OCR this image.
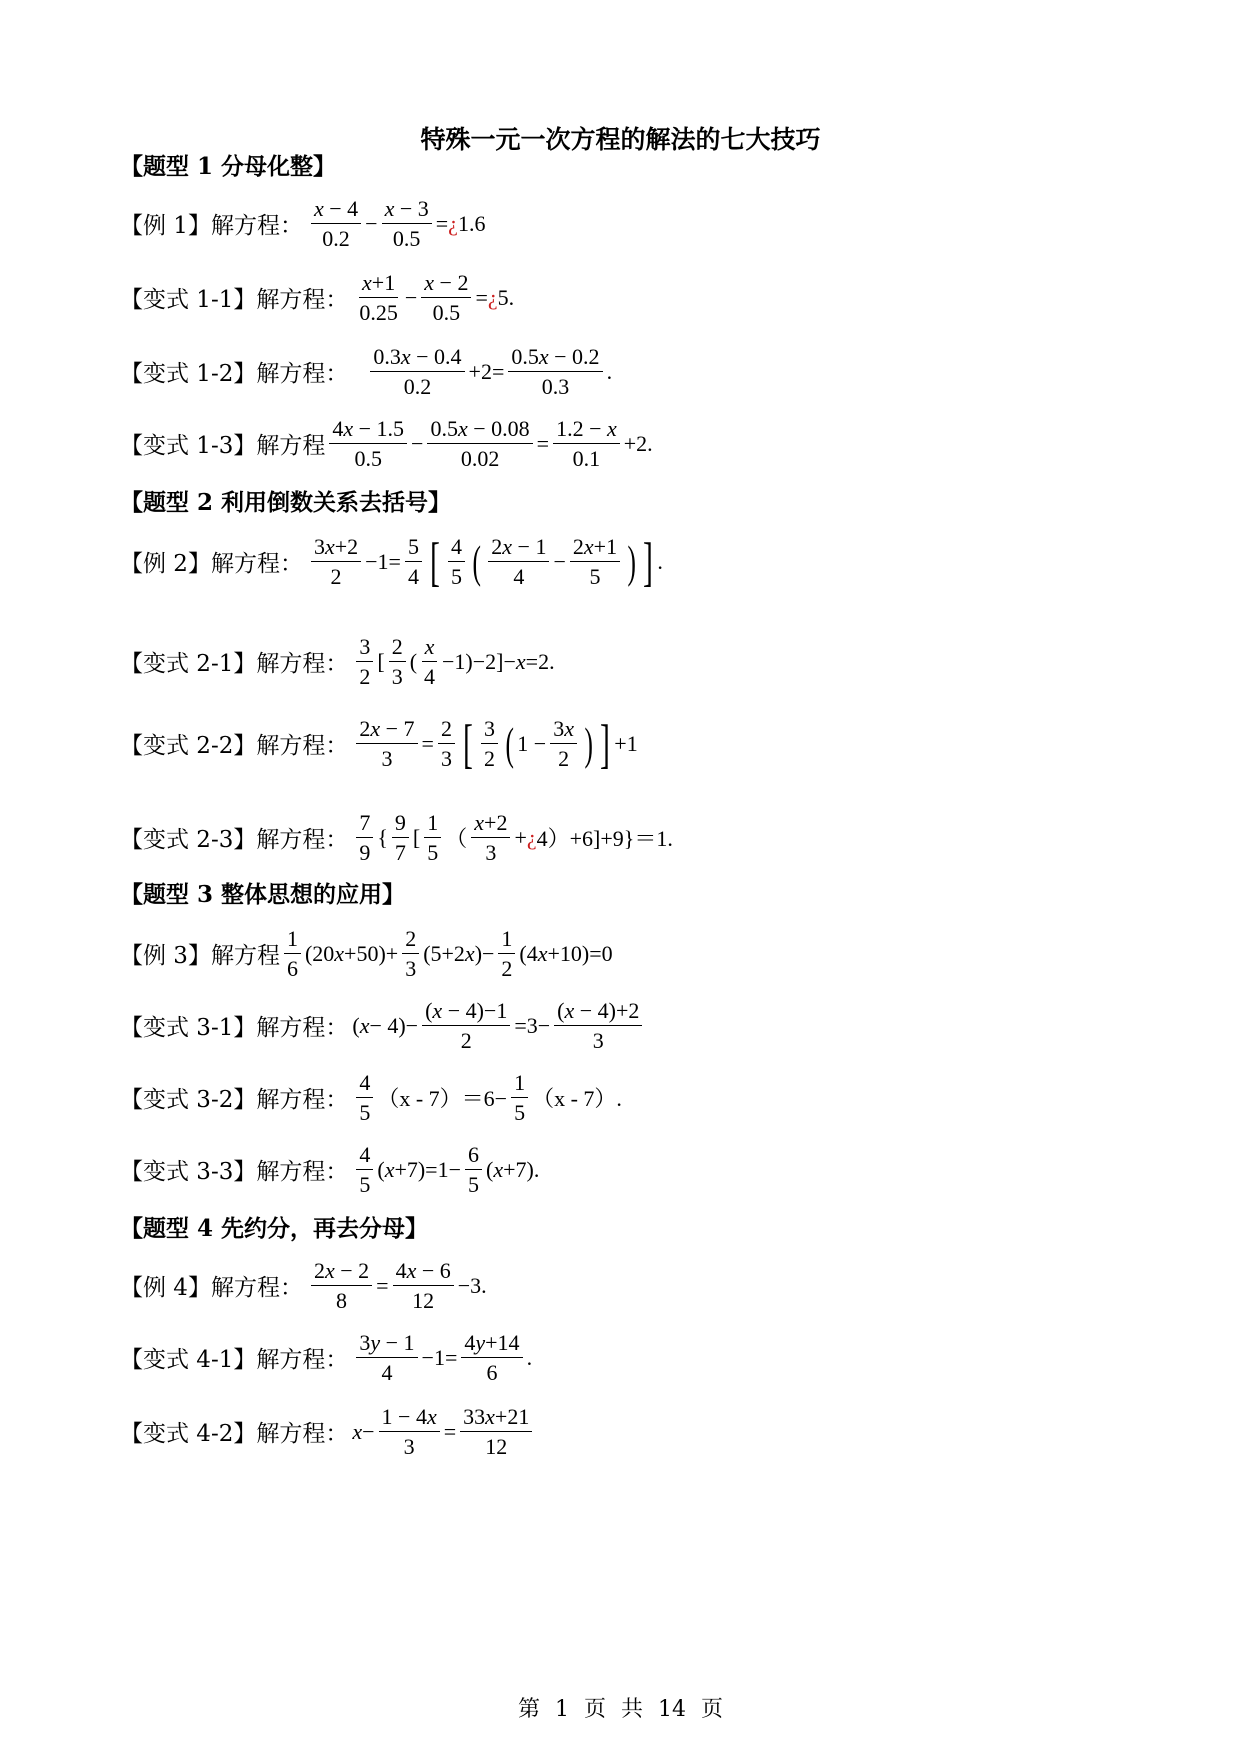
特殊一元一次方程的解法的七大技巧
【题型 1 分母化整】
【例 1】解方程： $\frac{x - 4}{0.2} - \frac{x - 3}{0.5}$ = ¿ 1.6
【变式 1-1】解方程： $\frac{x+1}{0.25} - \frac{x - 2}{0.5}$ = ¿ 5.
【变式 1-2】解方程： $\frac{0.3x - 0.4}{0.2} +2= \frac{0.5x - 0.2}{0.3}$ .
【变式 1-3】解方程 $\frac{4x - 1.5}{0.5} - \frac{0.5x - 0.08}{0.02} = \frac{1.2 - x}{0.1} +2$.
【题型 2 利用倒数关系去括号】
【例 2】解方程： $\frac{3x+2}{2} -1= \frac{5}{4}$ [ $\frac{4}{5}$ ( $\frac{2x - 1}{4} - \frac{2x+1}{5}$ ) ] .
【变式 2-1】解方程： $\frac{3}{2}$ [ $\frac{2}{3}$ ( $\frac{x}{4} -1)-2]- x =2$.
【变式 2-2】解方程： $\frac{2x - 7}{3} = \frac{2}{3}$ [ $\frac{3}{2}$ ( $1 - \frac{3x}{2}$ ) ] +1
【变式 2-3】解方程： $\frac{7}{9}$ { $\frac{9}{7}$ [ $\frac{1}{5}$ （ $\frac{x+2}{3}$ + ¿ 4）+6]+9}＝1.
【题型 3 整体思想的应用】
【例 3】解方程 $\frac{1}{6} (20$ $x +50)+ \frac{2}{3} (5+2$ x )− $\frac{1}{2} (4$ x +10)=0
【变式 3-1】解方程： ( $x - 4)- \frac{(x - 4)-1}{2} =3- \frac{(x - 4)+2}{3}$
【变式 3-2】解方程： $\frac{4}{5} (x - 7)=6- \frac{1}{5} (x - 7)$.
【变式 3-3】解方程： $\frac{4}{5}$ ( $x +7)=1- \frac{6}{5}$ ( x +7).
【题型 4 先约分，再去分母】
【例 4】解方程： $\frac{2x - 2}{8} = \frac{4x - 6}{12} -3$.
【变式 4-1】解方程： $\frac{3y - 1}{4} -1= \frac{4y+14}{6}$ .
【变式 4-2】解方程： $x - \frac{1 - 4x}{3} = \frac{33x+21}{12}$
第 1 页 共 14 页
